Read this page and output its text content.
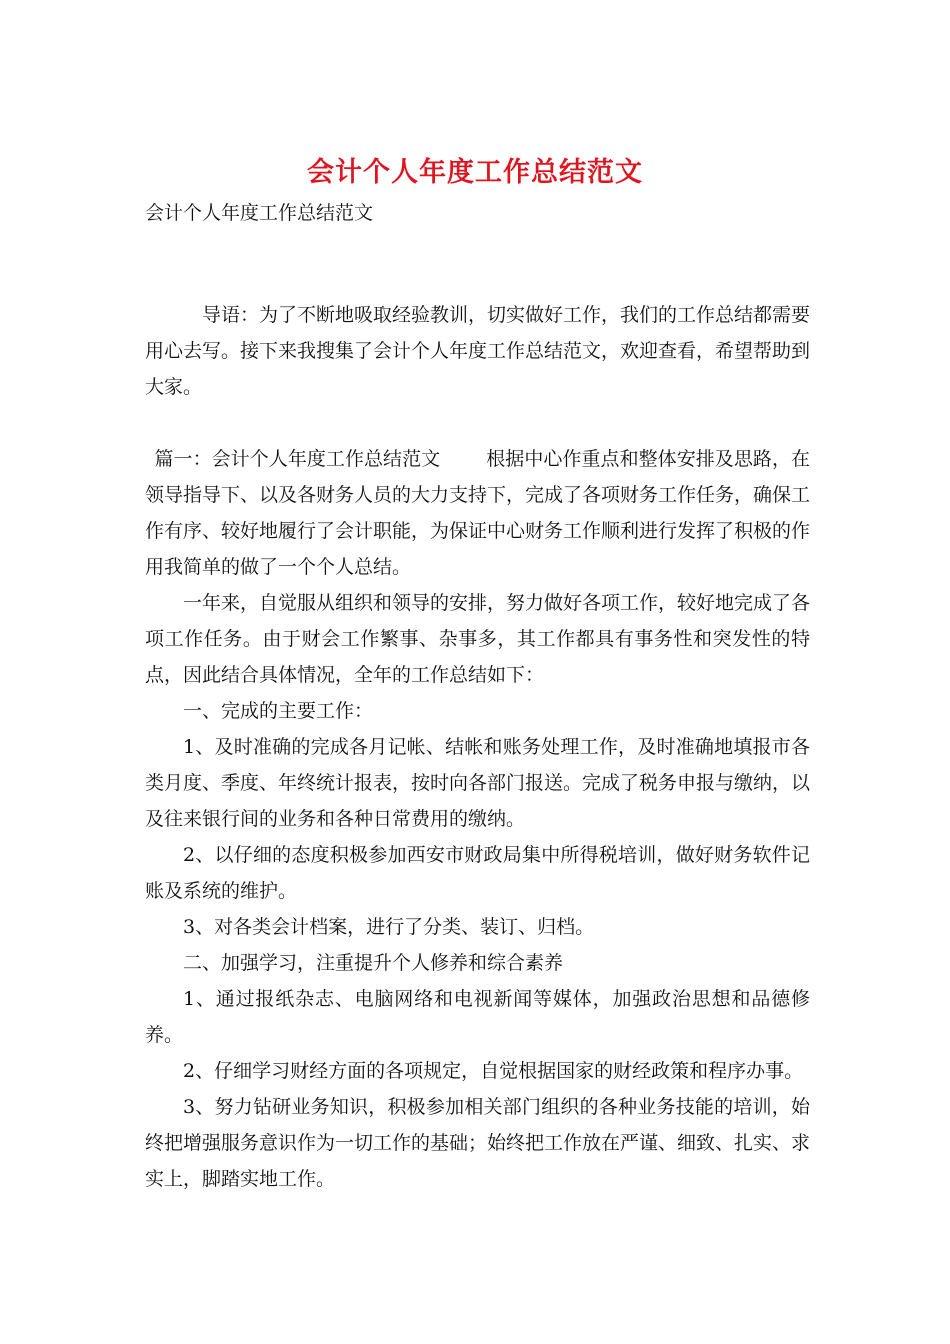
会计个人年度工作总结范文
会计个人年度工作总结范文

导语：为了不断地吸取经验教训，切实做好工作，我们的工作总结都需要用心去写。接下来我搜集了会计个人年度工作总结范文，欢迎查看，希望帮助到大家。

篇一：会计个人年度工作总结范文 根据中心作重点和整体安排及思路，在领导指导下、以及各财务人员的大力支持下，完成了各项财务工作任务，确保工作有序、较好地履行了会计职能，为保证中心财务工作顺利进行发挥了积极的作用我简单的做了一个个人总结。

一年来，自觉服从组织和领导的安排，努力做好各项工作，较好地完成了各项工作任务。由于财会工作繁事、杂事多，其工作都具有事务性和突发性的特点，因此结合具体情况，全年的工作总结如下：

一、完成的主要工作：

1、及时准确的完成各月记帐、结帐和账务处理工作，及时准确地填报市各类月度、季度、年终统计报表，按时向各部门报送。完成了税务申报与缴纳，以及往来银行间的业务和各种日常费用的缴纳。

2、以仔细的态度积极参加西安市财政局集中所得税培训，做好财务软件记账及系统的维护。

3、对各类会计档案，进行了分类、装订、归档。

二、加强学习，注重提升个人修养和综合素养

1、通过报纸杂志、电脑网络和电视新闻等媒体，加强政治思想和品德修养。

2、仔细学习财经方面的各项规定，自觉根据国家的财经政策和程序办事。

3、努力钻研业务知识，积极参加相关部门组织的各种业务技能的培训，始终把增强服务意识作为一切工作的基础；始终把工作放在严谨、细致、扎实、求实上，脚踏实地工作。
